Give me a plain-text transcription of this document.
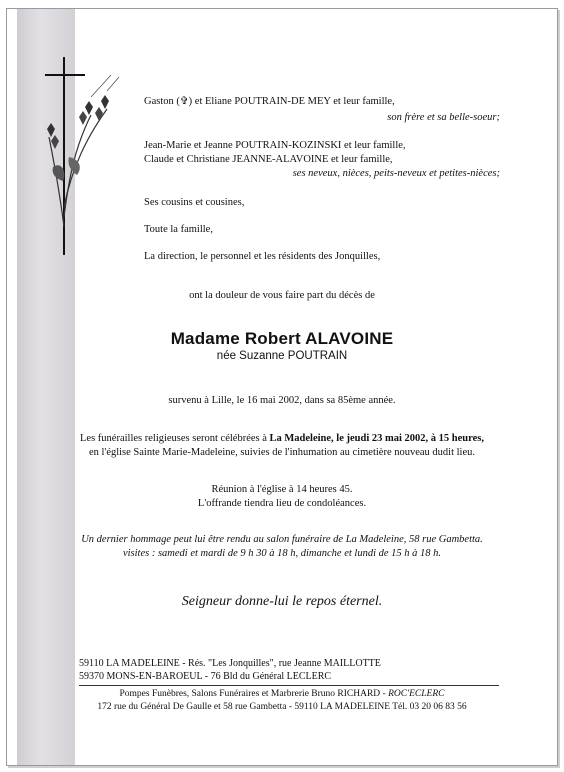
Gaston (✞) et Eliane POUTRAIN-DE MEY et leur famille,
son frère et sa belle-soeur;
Jean-Marie et Jeanne POUTRAIN-KOZINSKI et leur famille,
Claude et Christiane JEANNE-ALAVOINE et leur famille,
ses neveux, nièces, peits-neveux et petites-nièces;
Ses cousins et cousines,
Toute la famille,
La direction, le personnel et les résidents des Jonquilles,
ont la douleur de vous faire part du décès de
Madame Robert ALAVOINE
née Suzanne POUTRAIN
survenu à Lille, le 16 mai 2002, dans sa 85ème année.
Les funérailles religieuses seront célébrées à La Madeleine, le jeudi 23 mai 2002, à 15 heures,
en l'église Sainte Marie-Madeleine, suivies de l'inhumation au cimetière nouveau dudit lieu.
Réunion à l'église à 14 heures 45.
L'offrande tiendra lieu de condoléances.
Un dernier hommage peut lui être rendu au salon funéraire de La Madeleine, 58 rue Gambetta.
visites : samedi et mardi de 9 h 30 à 18 h, dimanche et lundi de 15 h à 18 h.
Seigneur donne-lui le repos éternel.
59110 LA MADELEINE - Rés. "Les Jonquilles", rue Jeanne MAILLOTTE
59370 MONS-EN-BAROEUL - 76 Bld du Général LECLERC
Pompes Funèbres, Salons Funéraires et Marbrerie Bruno RICHARD - ROC'ECLERC
172 rue du Général De Gaulle et 58 rue Gambetta - 59110 LA MADELEINE Tél. 03 20 06 83 56
